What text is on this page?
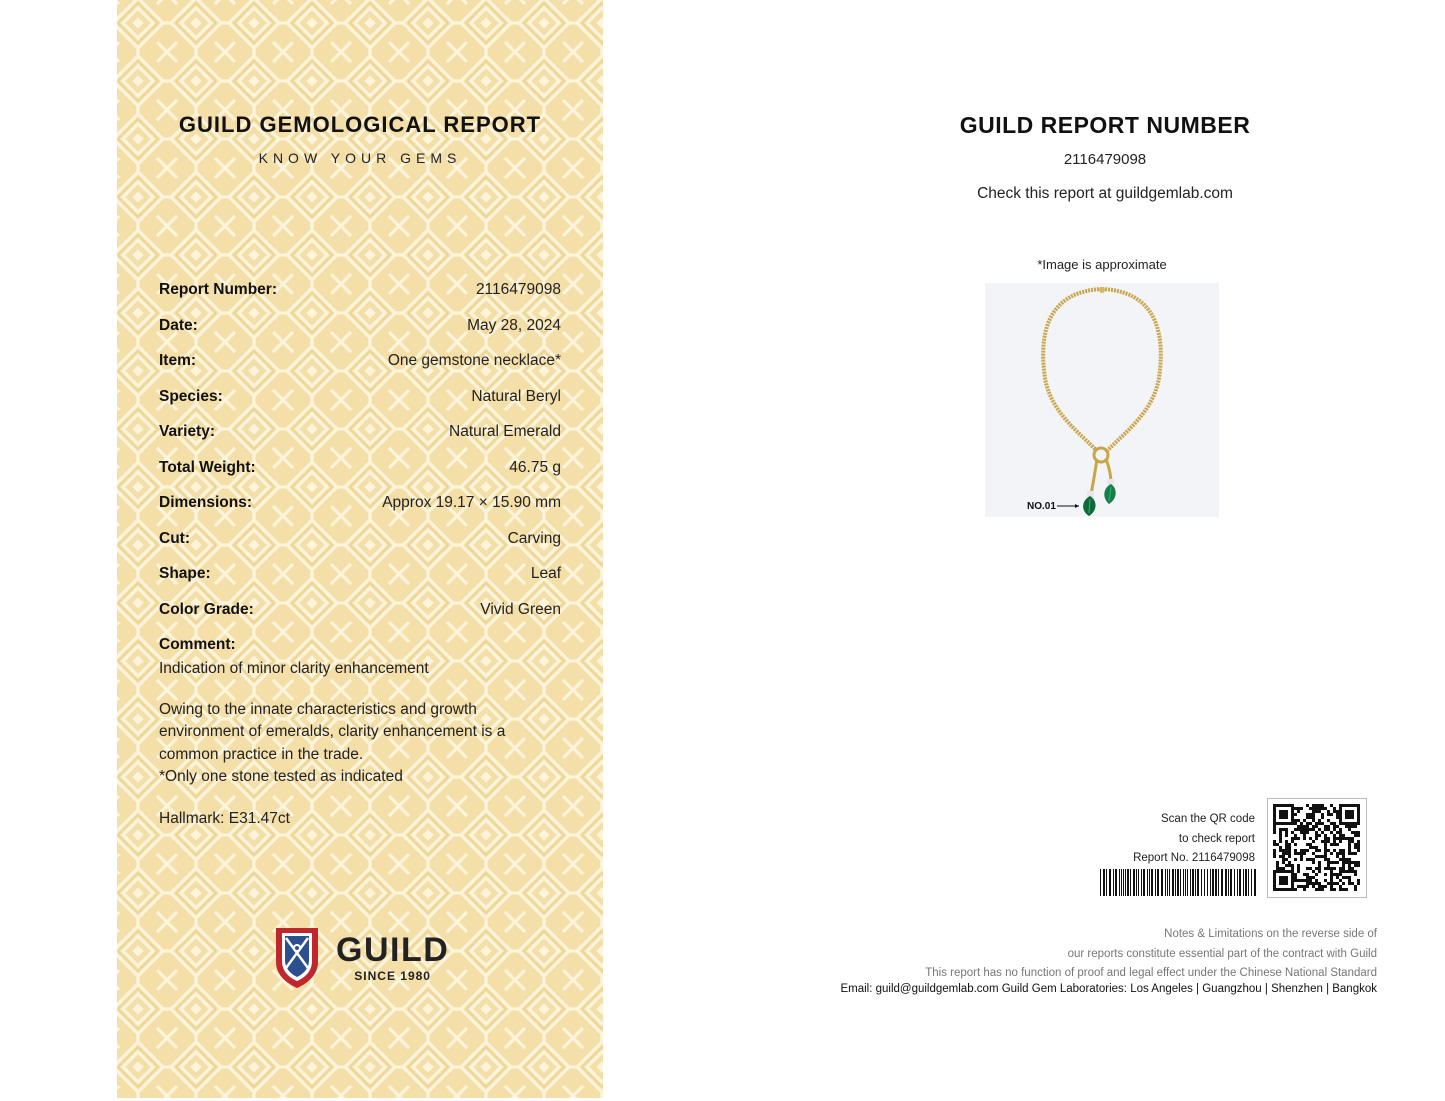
GUILD GEMOLOGICAL REPORT
KNOW YOUR GEMS
Report Number:	2116479098
Date:	May 28, 2024
Item:	One gemstone necklace*
Species:	Natural Beryl
Variety:	Natural Emerald
Total Weight:	46.75 g
Dimensions:	Approx 19.17 × 15.90 mm
Cut:	Carving
Shape:	Leaf
Color Grade:	Vivid Green
Comment:
Indication of minor clarity enhancement
Owing to the innate characteristics and growth
environment of emeralds, clarity enhancement is a
common practice in the trade.
*Only one stone tested as indicated
Hallmark: E31.47ct
GUILD
SINCE 1980
GUILD REPORT NUMBER
2116479098
Check this report at guildgemlab.com
*Image is approximate
NO.01
Scan the QR code
to check report
Report No. 2116479098
Notes & Limitations on the reverse side of
our reports constitute essential part of the contract with Guild
This report has no function of proof and legal effect under the Chinese National Standard
Email: guild@guildgemlab.com Guild Gem Laboratories: Los Angeles | Guangzhou | Shenzhen | Bangkok
